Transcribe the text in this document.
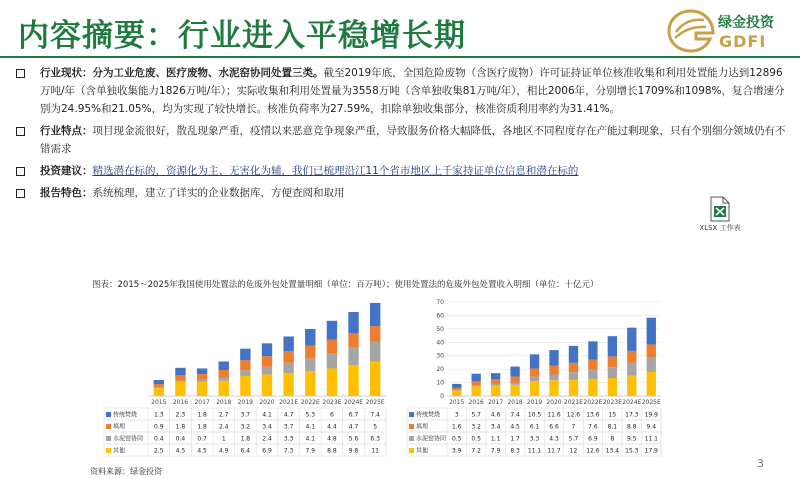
内容摘要：行业进入平稳增长期	绿金投资
GDFI
行业现状：分为工业危废、医疗废物、水泥窑协同处置三类。截至2019年底，全国危险废物（含医疗废物）许可证持证单位核准收集和利用处置能力达到12896万吨/年（含单独收集能力1826万吨/年）；实际收集和利用处置量为3558万吨（含单独收集81万吨/年），相比2006年，分别增长1709%和1098%，复合增速分别为24.95%和21.05%，均为实现了较快增长。核准负荷率为27.59%，扣除单独收集部分，核准资质利用率约为31.41%。
行业特点：项目现金流很好，散乱现象严重，疫情以来恶意竞争现象严重，导致服务价格大幅降低，各地区不同程度存在产能过剩现象，只有个别细分领域仍有不错需求
投资建议：精选潜在标的，资源化为主、无害化为辅，我们已梳理沿江11个省市地区上千家持证单位信息和潜在标的
报告特色：系统梳理，建立了详实的企业数据库，方便查阅和取用
XLSX 工作表
图表：2015～2025年我国使用处置法的危废外包处置量明细（单位：百万吨）；使用处置法的危废外包处置收入明细（单位：十亿元）
2015 2016 2017 2018 2019 2020 2021E 2022E 2023E 2024E 2025E
传统焚烧	1.3 2.3 1.8 2.7 3.7 4.1 4.7 5.3 6 6.7 7.4
填埋	0.9 1.8 1.8 2.4 3.2 3.4 3.7 4.1 4.4 4.7 5
水泥窑协同 0.4 0.4 0.7 1 1.8 2.4 3.3 4.1 4.8 5.6 6.3
其他	2.5 4.5 4.5 4.9 6.4 6.9 7.3 7.9 8.8 9.8 11
0
10
20
30
40
50
60
70
2015 2016 2017 2018 2019 2020 2021E 2022E 2023E 2024E 2025E
传统焚烧 3 5.7 4.6 7.4 10.5 11.6 12.6 13.6 15 17.3 19.9
填埋	1.6 3.2 3.4 4.5 6.1 6.6 7 7.6 8.1 8.8 9.4
水泥窑协同 0.5 0.5 1.1 1.7 3.3 4.3 5.7 6.9 8 9.5 11.1
其他	3.9 7.2 7.9 8.3 11.1 11.7 12 12.6 13.4 15.3 17.9
资料来源：绿金投资
3
